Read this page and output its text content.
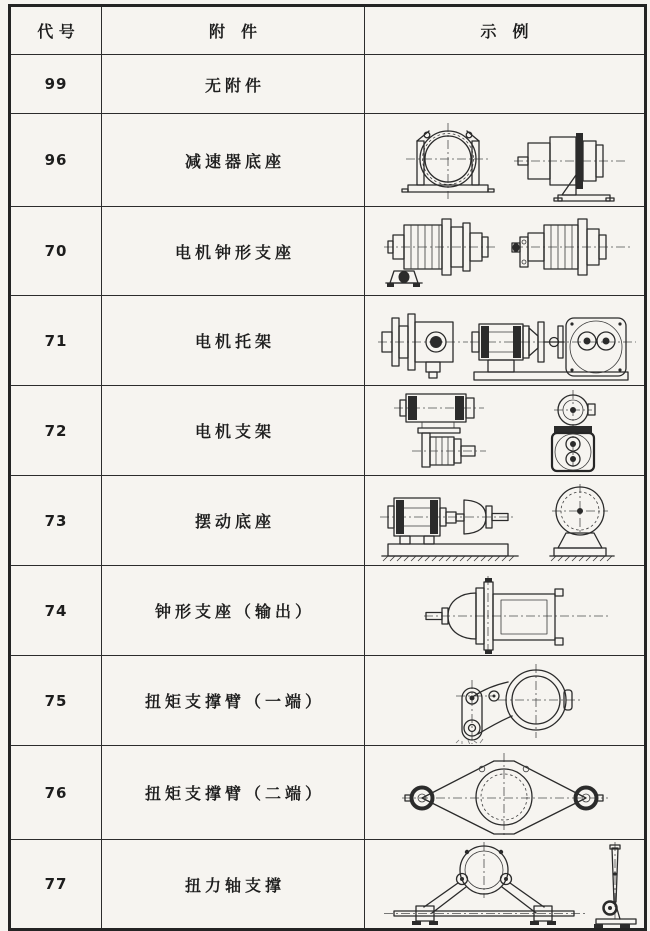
代 号	附　件	示　例
99	无附件	
96	减速器底座	
70	电机钟形支座	
71	电机托架	
72	电机支架	
73	摆动底座	
74	钟形支座（输出）	
75	扭矩支撑臂（一端）	
76	扭矩支撑臂（二端）	
77	扭力轴支撑	
